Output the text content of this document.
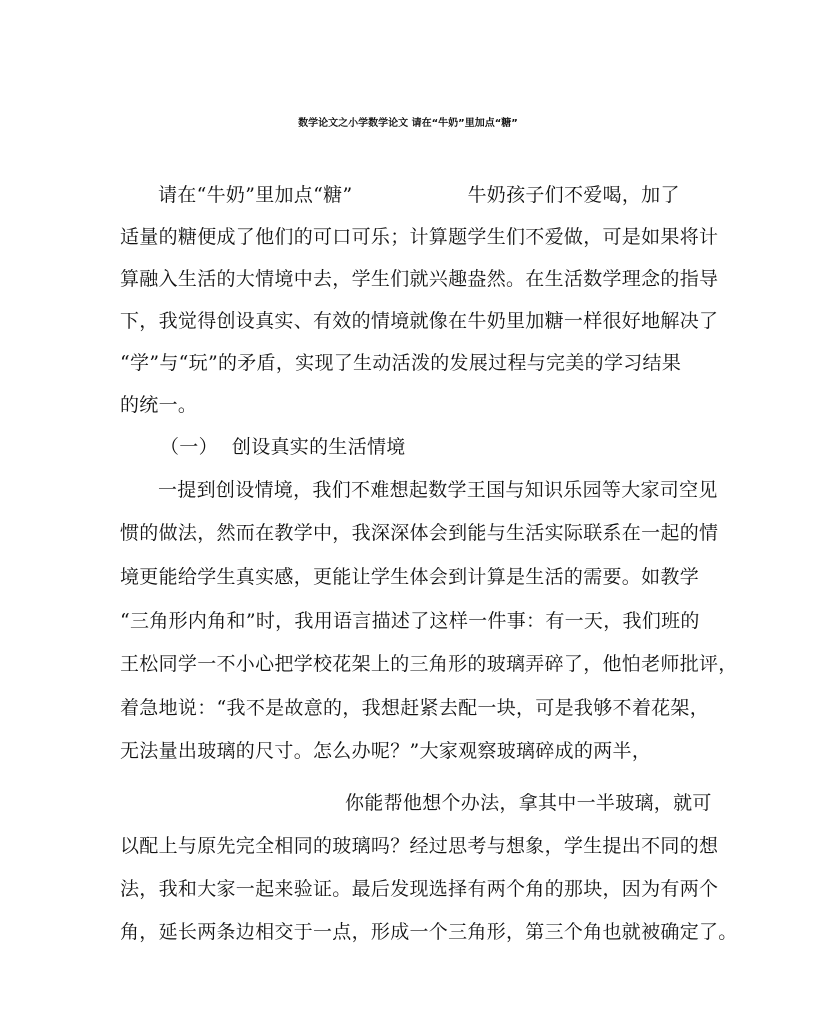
数学论文之小学数学论文 请在“牛奶”里加点“糖”
请在“牛奶”里加点“糖”	牛奶孩子们不爱喝，加了
适量的糖便成了他们的可口可乐；计算题学生们不爱做，可是如果将计
算融入生活的大情境中去，学生们就兴趣盎然。在生活数学理念的指导
下，我觉得创设真实、有效的情境就像在牛奶里加糖一样很好地解决了
“学”与“玩”的矛盾，实现了生动活泼的发展过程与完美的学习结果
的统一。
（一） 创设真实的生活情境
一提到创设情境，我们不难想起数学王国与知识乐园等大家司空见
惯的做法，然而在教学中，我深深体会到能与生活实际联系在一起的情
境更能给学生真实感，更能让学生体会到计算是生活的需要。如教学
“三角形内角和”时，我用语言描述了这样一件事：有一天，我们班的
王松同学一不小心把学校花架上的三角形的玻璃弄碎了，他怕老师批评，
着急地说：“我不是故意的，我想赶紧去配一块，可是我够不着花架，
无法量出玻璃的尺寸。怎么办呢？”大家观察玻璃碎成的两半，
你能帮他想个办法，拿其中一半玻璃，就可
以配上与原先完全相同的玻璃吗？经过思考与想象，学生提出不同的想
法，我和大家一起来验证。最后发现选择有两个角的那块，因为有两个
角，延长两条边相交于一点，形成一个三角形，第三个角也就被确定了。
